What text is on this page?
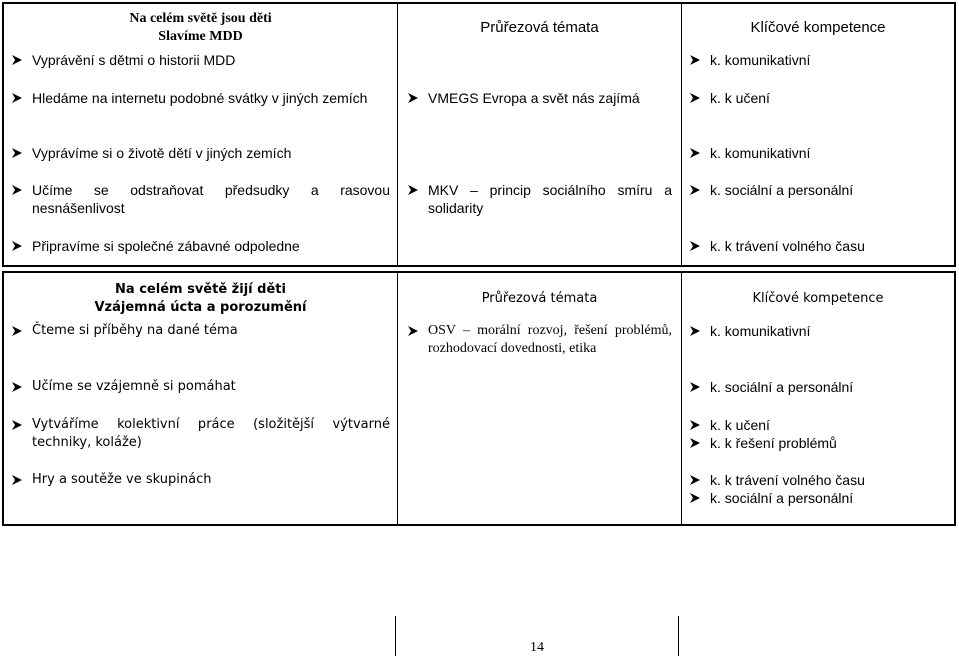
Na celém světě jsou děti
Slavíme MDD
Vyprávění s dětmi o historii MDD
Hledáme na internetu podobné svátky v jiných zemích
Vyprávíme si o životě dětí v jiných zemích
Učíme se odstraňovat předsudky a rasovou nesnášenlivost
Připravíme si společné zábavné odpoledne
Průřezová témata
VMEGS Evropa a svět nás zajímá
MKV – princip sociálního smíru a solidarity
Klíčové kompetence
k. komunikativní
k. k učení
k. komunikativní
k. sociální a personální
k. k trávení volného času
Na celém světě žijí děti
Vzájemná úcta a porozumění
Čteme si příběhy na dané téma
Učíme se vzájemně si pomáhat
Vytváříme kolektivní práce (složitější výtvarné techniky, koláže)
Hry a soutěže ve skupinách
Průřezová témata
OSV – morální rozvoj, řešení problémů, rozhodovací dovednosti, etika
Klíčové kompetence
k. komunikativní
k. sociální a personální
k. k učení
k. k řešení problémů
k. k trávení volného času
k. sociální a personální
14
